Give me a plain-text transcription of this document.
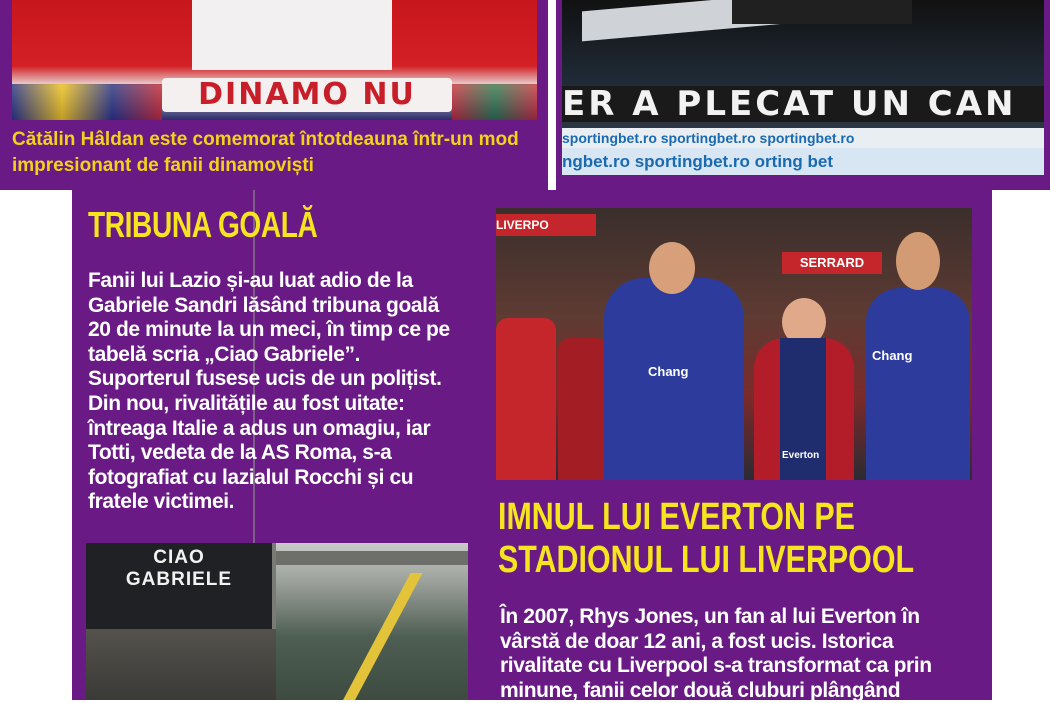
DINAMO NU
Cătălin Hâldan este comemorat întotdeauna într-un mod impresionant de fanii dinamoviști
ER A PLECAT UN CAN
sportingbet.ro sportingbet.ro sportingbet.ro
ngbet.ro sportingbet.ro orting bet
TRIBUNA GOALĂ
Fanii lui Lazio și-au luat adio de la Gabriele Sandri lăsând tribuna goală 20 de minute la un meci, în timp ce pe tabelă scria „Ciao Gabriele”. Suporterul fusese ucis de un polițist. Din nou, rivalitățile au fost uitate: întreaga Italie a adus un omagiu, iar Totti, vedeta de la AS Roma, s-a fotografiat cu lazialul Rocchi și cu fratele victimei.
CIAO
GABRIELE
LIVERPO
SERRARD
Chang
Everton
Chang
IMNUL LUI EVERTON PE STADIONUL LUI LIVERPOOL
În 2007, Rhys Jones, un fan al lui Everton în vârstă de doar 12 ani, a fost ucis. Istorica rivalitate cu Liverpool s-a transformat ca prin minune, fanii celor două cluburi plângând
